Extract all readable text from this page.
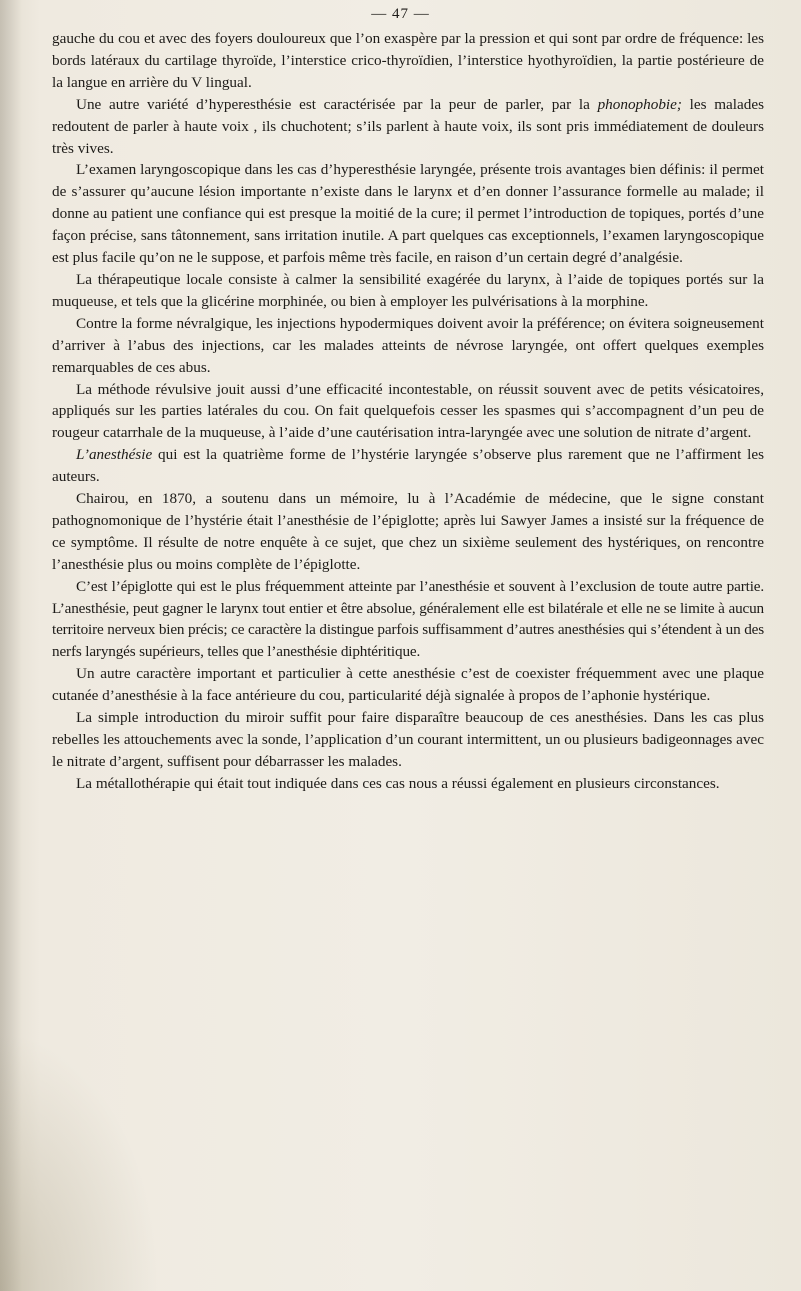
— 47 —

gauche du cou et avec des foyers douloureux que l’on exaspère par la pression et qui sont par ordre de fréquence: les bords latéraux du cartilage thyroïde, l’interstice crico-thyroïdien, l’interstice hyothyroïdien, la partie postérieure de la langue en arrière du V lingual.

Une autre variété d’hyperesthésie est caractérisée par la peur de parler, par la phonophobie; les malades redoutent de parler à haute voix , ils chuchotent; s’ils parlent à haute voix, ils sont pris immédiatement de douleurs très vives.

L’examen laryngoscopique dans les cas d’hyperesthésie laryngée, présente trois avantages bien définis: il permet de s’assurer qu’aucune lésion importante n’existe dans le larynx et d’en donner l’assurance formelle au malade; il donne au patient une confiance qui est presque la moitié de la cure; il permet l’introduction de topiques, portés d’une façon précise, sans tâtonnement, sans irritation inutile. A part quelques cas exceptionnels, l’examen laryngoscopique est plus facile qu’on ne le suppose, et parfois même très facile, en raison d’un certain degré d’analgésie.

La thérapeutique locale consiste à calmer la sensibilité exagérée du larynx, à l’aide de topiques portés sur la muqueuse, et tels que la glicérine morphinée, ou bien à employer les pulvérisations à la morphine.

Contre la forme névralgique, les injections hypodermiques doivent avoir la préférence; on évitera soigneusement d’arriver à l’abus des injections, car les malades atteints de névrose laryngée, ont offert quelques exemples remarquables de ces abus.

La méthode révulsive jouit aussi d’une efficacité incontestable, on réussit souvent avec de petits vésicatoires, appliqués sur les parties latérales du cou. On fait quelquefois cesser les spasmes qui s’accompagnent d’un peu de rougeur catarrhale de la muqueuse, à l’aide d’une cautérisation intra-laryngée avec une solution de nitrate d’argent.

L’anesthésie qui est la quatrième forme de l’hystérie laryngée s’observe plus rarement que ne l’affirment les auteurs.

Chairou, en 1870, a soutenu dans un mémoire, lu à l’Académie de médecine, que le signe constant pathognomonique de l’hystérie était l’anesthésie de l’épiglotte; après lui Sawyer James a insisté sur la fréquence de ce symptôme. Il résulte de notre enquête à ce sujet, que chez un sixième seulement des hystériques, on rencontre l’anesthésie plus ou moins complète de l’épiglotte.

C’est l’épiglotte qui est le plus fréquemment atteinte par l’anesthésie et souvent à l’exclusion de toute autre partie. L’anesthésie, peut gagner le larynx tout entier et être absolue, généralement elle est bilatérale et elle ne se limite à aucun territoire nerveux bien précis; ce caractère la distingue parfois suffisamment d’autres anesthésies qui s’étendent à un des nerfs laryngés supérieurs, telles que l’anesthésie diphtéritique.

Un autre caractère important et particulier à cette anesthésie c’est de coexister fréquemment avec une plaque cutanée d’anesthésie à la face antérieure du cou, particularité déjà signalée à propos de l’aphonie hystérique.

La simple introduction du miroir suffit pour faire disparaître beaucoup de ces anesthésies. Dans les cas plus rebelles les attouchements avec la sonde, l’application d’un courant intermittent, un ou plusieurs badigeonnages avec le nitrate d’argent, suffisent pour débarrasser les malades.

La métallothérapie qui était tout indiquée dans ces cas nous a réussi également en plusieurs circonstances.
